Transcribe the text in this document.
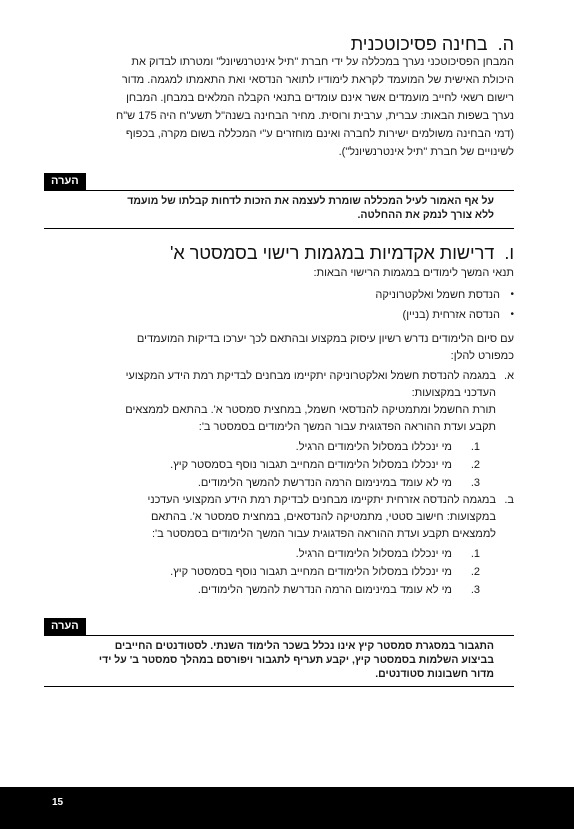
ה.בחינה פסיכוטכנית
המבחן הפסיכוטכני נערך במכללה על ידי חברת "תיל אינטרנשיונל" ומטרתו לבדוק את
היכולת האישית של המועמד לקראת לימודיו לתואר הנדסאי ואת התאמתו למגמה. מדור
רישום רשאי לחייב מועמדים אשר אינם עומדים בתנאי הקבלה המלאים במבחן. המבחן
נערך בשפות הבאות: עברית, ערבית ורוסית. מחיר הבחינה בשנה"ל תשע"ח היה 175 ש"ח
(דמי הבחינה משולמים ישירות לחברה ואינם מוחזרים ע"י המכללה בשום מקרה, בכפוף
לשינויים של חברת "תיל אינטרנשיונל").
הערה
על אף האמור לעיל המכללה שומרת לעצמה את הזכות לדחות קבלתו של מועמד
ללא צורך לנמק את ההחלטה.
ו.דרישות אקדמיות במגמות רישוי בסמסטר א'
תנאי המשך לימודים במגמות הרישוי הבאות:
• הנדסת חשמל ואלקטרוניקה
• הנדסה אזרחית (בניין)
עם סיום הלימודים נדרש רשיון עיסוק במקצוע ובהתאם לכך יערכו בדיקות המועמדים
כמפורט להלן:
א.
במגמה להנדסת חשמל ואלקטרוניקה יתקיימו מבחנים לבדיקת רמת הידע המקצועי
העדכני במקצועות:
תורת החשמל ומתמטיקה להנדסאי חשמל, במחצית סמסטר א'. בהתאם לממצאים
תקבע ועדת ההוראה הפדגוגית עבור המשך הלימודים בסמסטר ב':
1.
מי ינכללו במסלול הלימודים הרגיל.
2.
מי ינכללו במסלול הלימודים המחייב תגבור נוסף בסמסטר קיץ.
3.
מי לא עומד במינימום הרמה הנדרשת להמשך הלימודים.
ב.
במגמה להנדסה אזרחית יתקיימו מבחנים לבדיקת רמת הידע המקצועי העדכני
במקצועות: חישוב סטטי, מתמטיקה להנדסאים, במחצית סמסטר א'. בהתאם
לממצאים תקבע ועדת ההוראה הפדגוגית עבור המשך הלימודים בסמסטר ב':
1.
מי ינכללו במסלול הלימודים הרגיל.
2.
מי ינכללו במסלול הלימודים המחייב תגבור נוסף בסמסטר קיץ.
3.
מי לא עומד במינימום הרמה הנדרשת להמשך הלימודים.
הערה
התגבור במסגרת סמסטר קיץ אינו נכלל בשכר הלימוד השנתי. לסטודנטים החייבים
בביצוע השלמות בסמסטר קיץ, יקבע תעריף לתגבור ויפורסם במהלך סמסטר ב' על ידי
מדור חשבונות סטודנטים.
15
